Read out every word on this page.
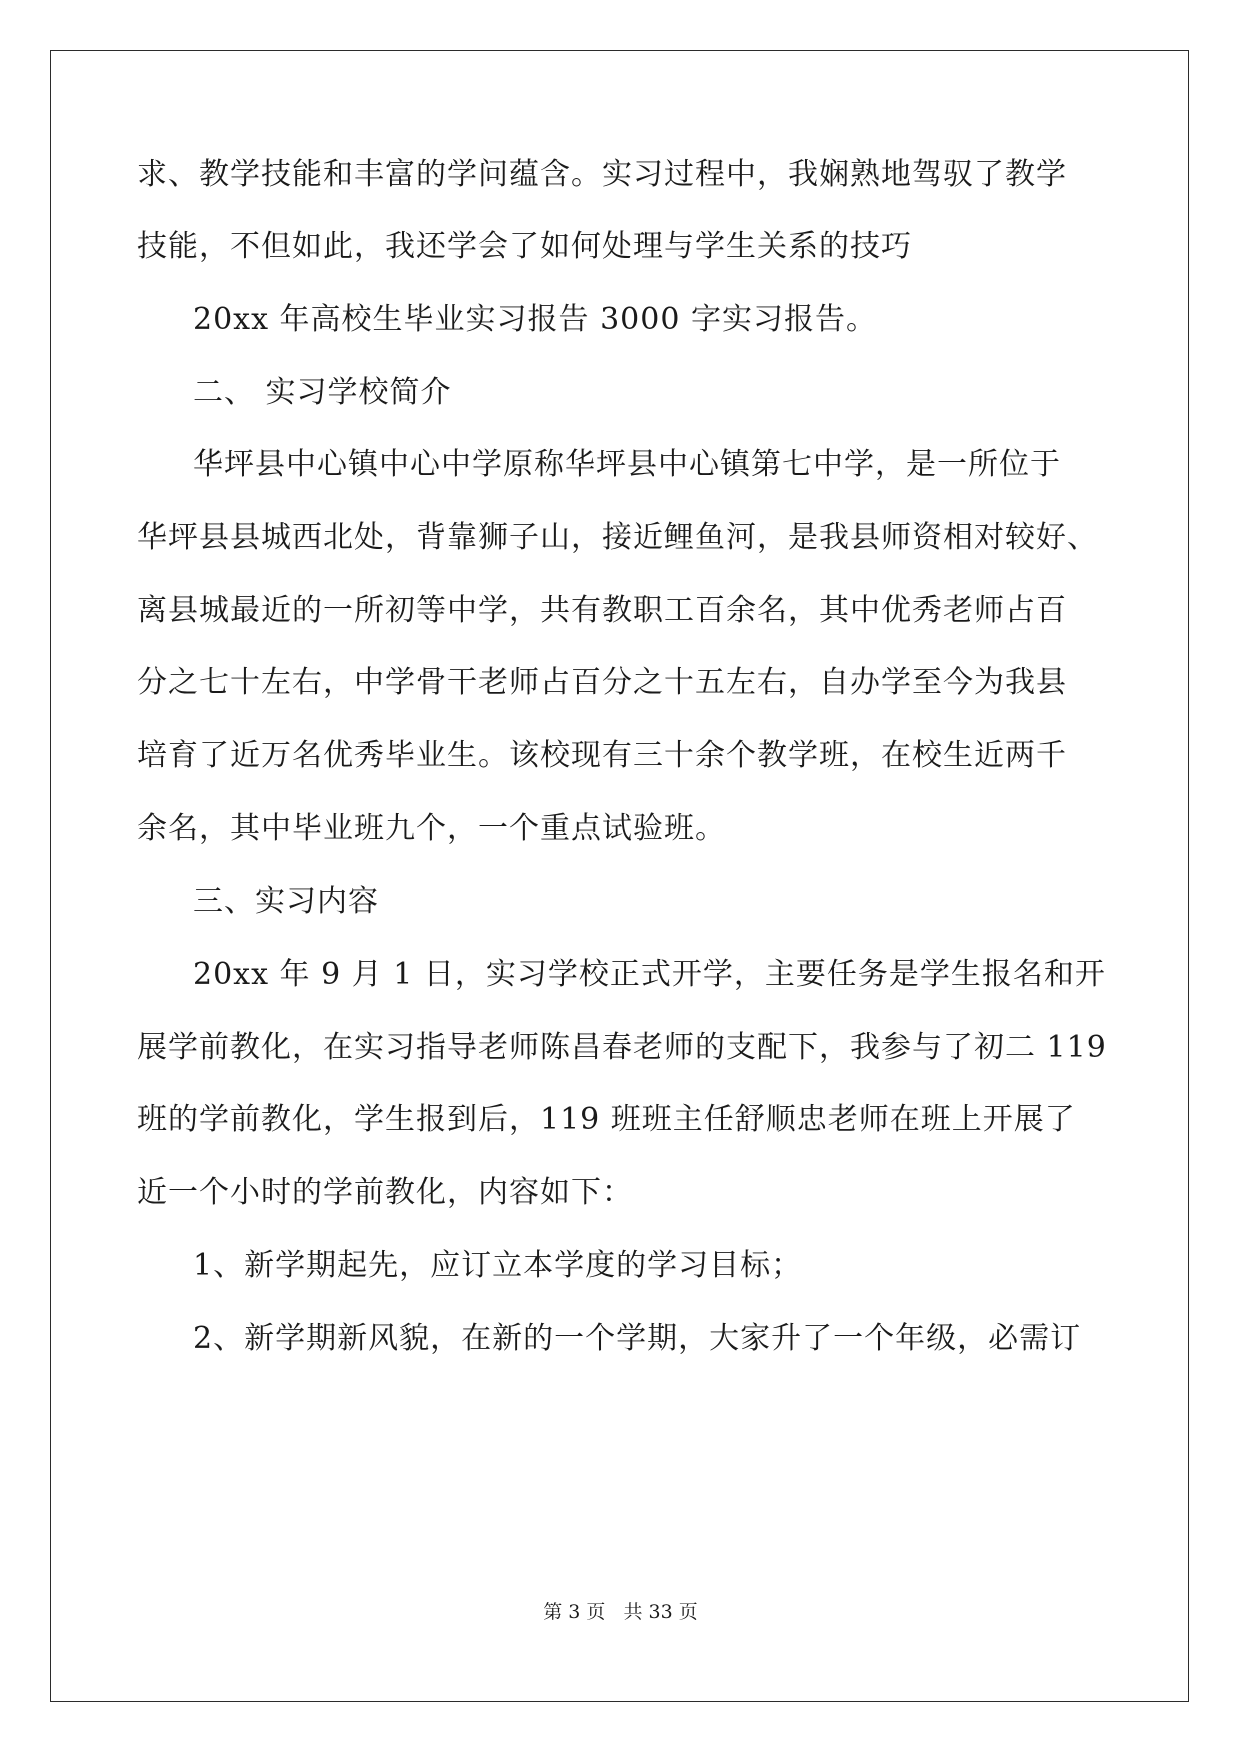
求、教学技能和丰富的学问蕴含。实习过程中，我娴熟地驾驭了教学
技能，不但如此，我还学会了如何处理与学生关系的技巧
20xx 年高校生毕业实习报告 3000 字实习报告。
二、 实习学校简介
华坪县中心镇中心中学原称华坪县中心镇第七中学，是一所位于
华坪县县城西北处，背靠狮子山，接近鲤鱼河，是我县师资相对较好、
离县城最近的一所初等中学，共有教职工百余名，其中优秀老师占百
分之七十左右，中学骨干老师占百分之十五左右，自办学至今为我县
培育了近万名优秀毕业生。该校现有三十余个教学班，在校生近两千
余名，其中毕业班九个，一个重点试验班。
三、实习内容
20xx 年 9 月 1 日，实习学校正式开学，主要任务是学生报名和开
展学前教化，在实习指导老师陈昌春老师的支配下，我参与了初二 119
班的学前教化，学生报到后，119 班班主任舒顺忠老师在班上开展了
近一个小时的学前教化，内容如下：
1、新学期起先，应订立本学度的学习目标；
2、新学期新风貌，在新的一个学期，大家升了一个年级，必需订
第 3 页 共 33 页
